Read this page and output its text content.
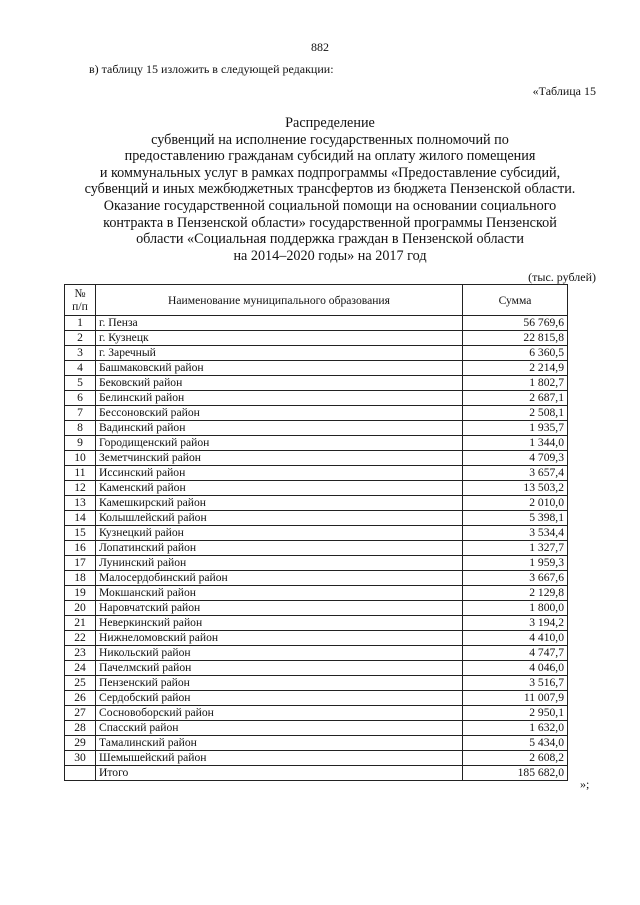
882
в) таблицу 15 изложить в следующей редакции:
«Таблица 15
Распределение
субвенций на исполнение государственных полномочий по
предоставлению гражданам субсидий на оплату жилого помещения
и коммунальных услуг в рамках подпрограммы «Предоставление субсидий,
субвенций и иных межбюджетных трансфертов из бюджета Пензенской области.
Оказание государственной социальной помощи на основании социального
контракта в Пензенской области» государственной программы Пензенской
области «Социальная поддержка граждан в Пензенской области
на 2014–2020 годы» на 2017 год
(тыс. рублей)
№
п/п	Наименование муниципального образования	Сумма
1	г. Пенза	56 769,6
2	г. Кузнецк	22 815,8
3	г. Заречный	6 360,5
4	Башмаковский район	2 214,9
5	Бековский район	1 802,7
6	Белинский район	2 687,1
7	Бессоновский район	2 508,1
8	Вадинский район	1 935,7
9	Городищенский район	1 344,0
10	Земетчинский район	4 709,3
11	Иссинский район	3 657,4
12	Каменский район	13 503,2
13	Камешкирский район	2 010,0
14	Колышлейский район	5 398,1
15	Кузнецкий район	3 534,4
16	Лопатинский район	1 327,7
17	Лунинский район	1 959,3
18	Малосердобинский район	3 667,6
19	Мокшанский район	2 129,8
20	Наровчатский район	1 800,0
21	Неверкинский район	3 194,2
22	Нижнеломовский район	4 410,0
23	Никольский район	4 747,7
24	Пачелмский район	4 046,0
25	Пензенский район	3 516,7
26	Сердобский район	11 007,9
27	Сосновоборский район	2 950,1
28	Спасский район	1 632,0
29	Тамалинский район	5 434,0
30	Шемышейский район	2 608,2
	Итого	185 682,0
»;
